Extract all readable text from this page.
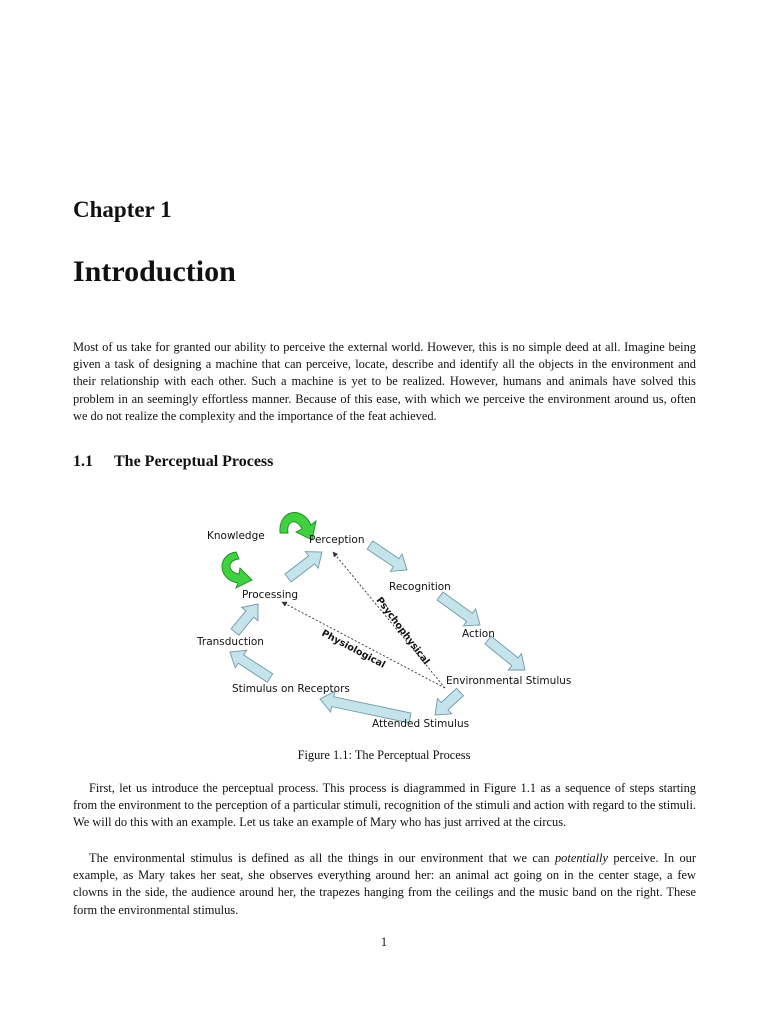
Chapter 1
Introduction

Most of us take for granted our ability to perceive the external world. However, this is no simple deed at all. Imagine being given a task of designing a machine that can perceive, locate, describe and identify all the objects in the environment and their relationship with each other. Such a machine is yet to be realized. However, humans and animals have solved this problem in an seemingly effortless manner. Because of this ease, with which we perceive the environment around us, often we do not realize the complexity and the importance of the feat achieved.

1.1 The Perceptual Process
Knowledge	Perception
Recognition
Processing
Action
Transduction
Environmental Stimulus
Stimulus on Receptors
Attended Stimulus
Psychophysical
Physiological

Figure 1.1: The Perceptual Process

First, let us introduce the perceptual process. This process is diagrammed in Figure 1.1 as a sequence of steps starting from the environment to the perception of a particular stimuli, recognition of the stimuli and action with regard to the stimuli. We will do this with an example. Let us take an example of Mary who has just arrived at the circus.

The environmental stimulus is defined as all the things in our environment that we can potentially perceive. In our example, as Mary takes her seat, she observes everything around her: an animal act going on in the center stage, a few clowns in the side, the audience around her, the trapezes hanging from the ceilings and the music band on the right. These form the environmental stimulus.

1
